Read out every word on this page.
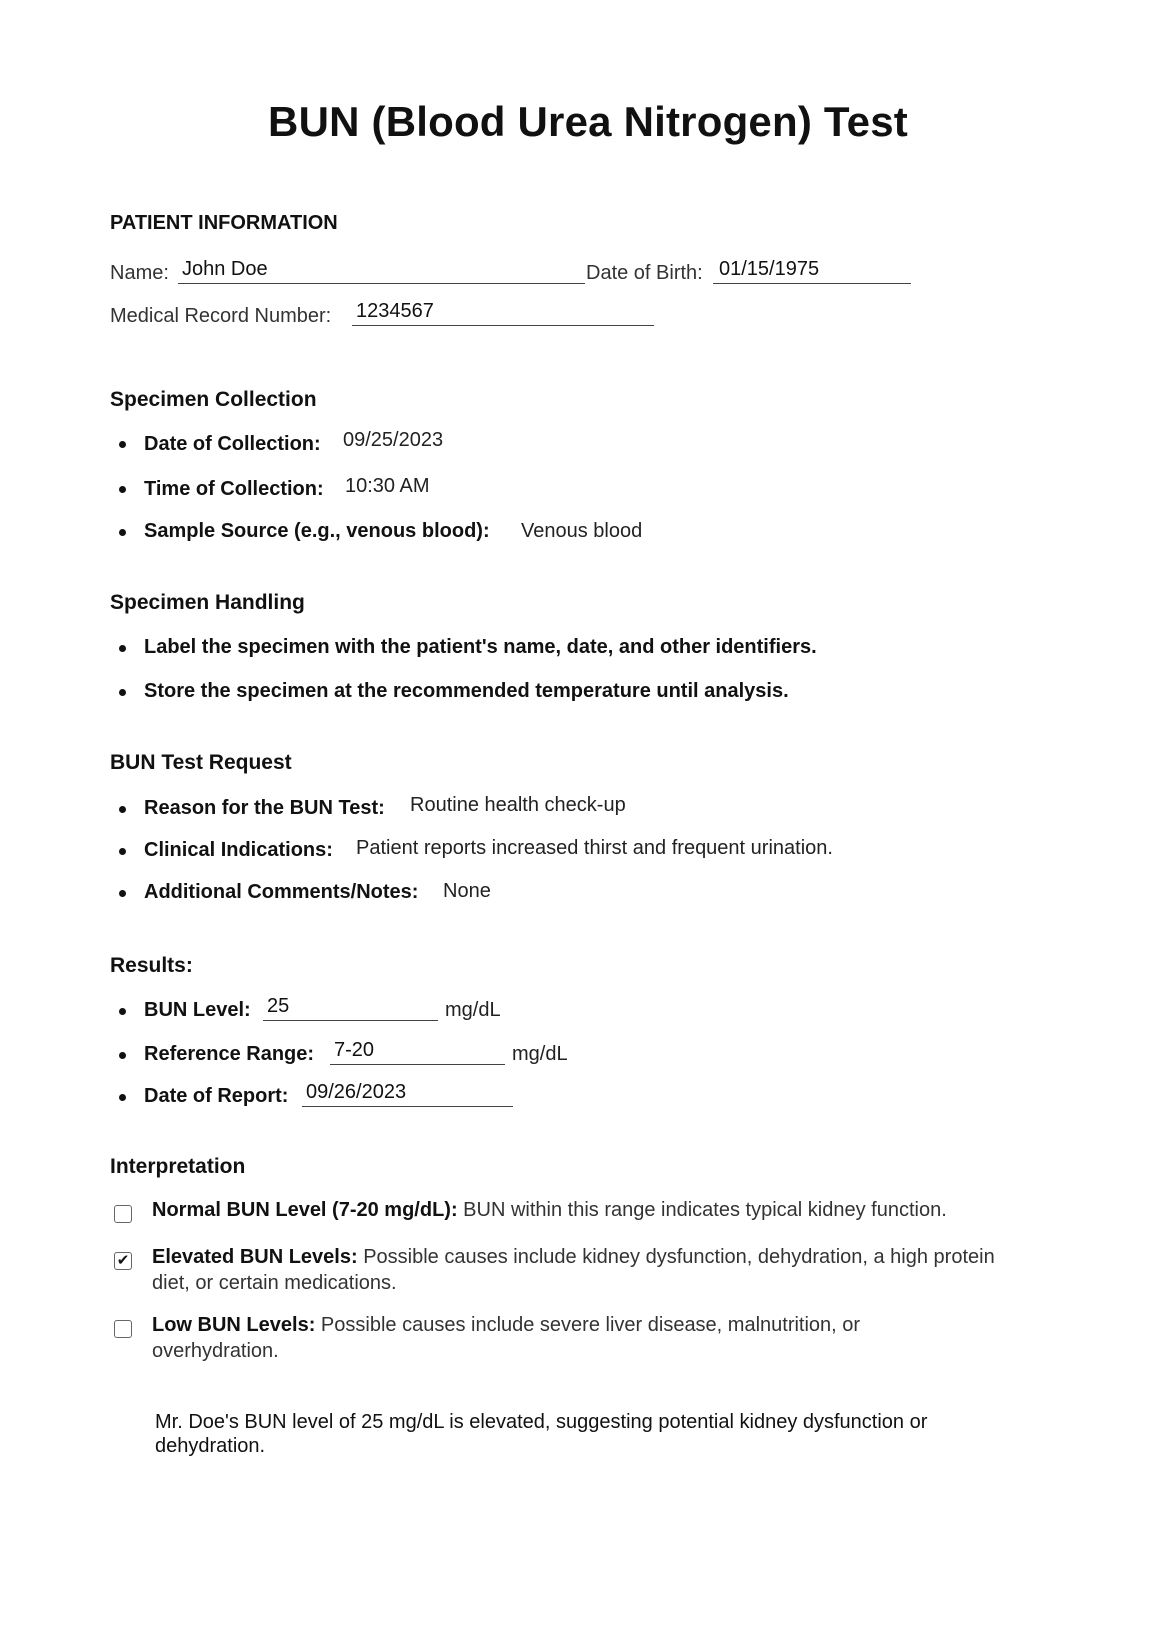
BUN (Blood Urea Nitrogen) Test
PATIENT INFORMATION
Name: John Doe	Date of Birth: 01/15/1975
Medical Record Number: 1234567
Specimen Collection
Date of Collection: 09/25/2023
Time of Collection: 10:30 AM
Sample Source (e.g., venous blood): Venous blood
Specimen Handling
Label the specimen with the patient's name, date, and other identifiers.
Store the specimen at the recommended temperature until analysis.
BUN Test Request
Reason for the BUN Test: Routine health check-up
Clinical Indications: Patient reports increased thirst and frequent urination.
Additional Comments/Notes: None
Results:
BUN Level: 25	mg/dL
Reference Range: 7-20	mg/dL
Date of Report: 09/26/2023
Interpretation
Normal BUN Level (7-20 mg/dL): BUN within this range indicates typical kidney function.
✔ Elevated BUN Levels: Possible causes include kidney dysfunction, dehydration, a high protein diet, or certain medications.
Low BUN Levels: Possible causes include severe liver disease, malnutrition, or overhydration.
Mr. Doe's BUN level of 25 mg/dL is elevated, suggesting potential kidney dysfunction or dehydration.
